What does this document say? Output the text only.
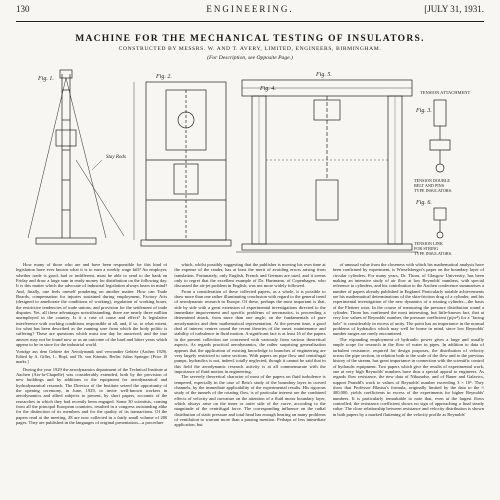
130	ENGINEERING.	[JULY 31, 1931.
MACHINE FOR THE MECHANICAL TESTING OF INSULATORS.
CONSTRUCTED BY MESSRS. W. AND T. AVERY, LIMITED, ENGINEERS, BIRMINGHAM.
(For Description, see Opposite Page.)
Fig. 1.
Stay Rods
Fig. 2.
Fig. 4.
Fig. 5.
TENSION ATTACHMENT
Fig. 3.
TENSION DOUBLE
BELT AND PINS
TYPE INSULATORS.
Fig. 6.
TENSION LINK
FOR STRING
TYPE INSULATORS.

How many of those who are and have been responsible for this kind of legislation have ever known what it is to earn a weekly wage bill? An employer, whether trade is good, bad or indifferent, must be able to send to the bank on Friday and draw a large sum in ready money for distribution on the following day. It is this matter which the advocate of industrial legislation always bears in mind? And, finally, one feels oneself pondering on another matter. How can Trade Boards, compensation for injuries sustained during employment, Factory Acts (designed to ameliorate the conditions of working), regulation of working hours, the restrictive tendencies of trade unions, and provision for the settlement of trade disputes. Yet, all these advantages notwithstanding, there are nearly three million unemployed in the country. Is it a case of cause and effect? Is legislative interference with working conditions responsible at all, and, if so, to what extent, for what has been described as the running sore from which the body politic is suffering? These are questions which must one day be answered; and the true answer may not be found now or as an outcome of the hard and bitter years which appear to be in store for the industrial world.

Vorträge aus dem Gebiete der Aerodynamik und verwandter Gebiete (Aachen 1929). Edited by A. Gilles, L. Hopf, and Th. von Kármán. Berlin: Julius Springer. [Price 18 marks.]

During the year 1929 the aerodynamics department of the Technical Institute at Aachen (Aix-la-Chapelle) was considerably extended, both by the provision of new buildings and by additions to the equipment for aerodynamical and hydrodynamical research. The Director of the Institute seized the opportunity of the opening ceremony, in June, 1929, to invite well-known workers in aerodynamics and allied subjects to present, by short papers, accounts of the researches in which they had recently been engaged. Some 30 scientists, coming from all the principal European countries, resulted in a congress outstanding alike for the distinction of its members and for the quality of its transactions. Of the papers read at the meeting, 28 are now collected in a fairly small volume of 200 pages. They are published in the languages of original presentation—a procedure

which, whilst possibly suggesting that the publisher is moving his own time at the expense of the reader, has at least the merit of avoiding errors arising from translation. Fortunately, only English, French and German are used, and it seems only to regret that the excellent example of Dr. Hartmann, of Copenhagen, who discussed the air-jet problem in English, was not more widely followed.

From a consideration of these collected papers, as a whole, it is possible to draw more than one rather illuminating conclusion with regard to the general trend of aerodynamic research in Europe. Of these, perhaps the most important is that, side by side with a great extension of experimental investigations directed to the immediate improvement and specific problems of aeronautics, is proceeding a determined attack, from more than one angle, on the fundamentals of pure aerodynamics and their mathematical representation. At the present time, a good deal of interest centres round the recent theories of the onset, maintenance and stability of turbulence in fluid motion. A significant fact is at least 16 of the papers in the present collection are concerned with variously from various theoretical aspects. As regards practical aerodynamics, the rather surprising generalisation appears that the application of existing knowledge to branches of engineering are very largely restricted to some sections. With papers on pipe flow and centrifugal pumps, hydraulics is not, indeed, totally neglected, though it cannot be said that in this field the aerodynamic research activity is at all commensurate with the importance of fluid motion in engineering.

The severely theoretical character of most of the papers on fluid turbulence is tempered, especially in the case of Betz's study of the boundary layer in curved channels, by the immediate applicability of the experimental results. His rigorous study of the tunnels of the rotating flow, is of particular interest are the combined effects of velocity and curvature on the attention of a fluid motor boundary layer, which always arise on the inner or outer side of the curve, according to the magnitude of the centrifugal force. The corresponding influence on the radial distribution of static pressure and total head has enough bearing on many problems of ventilation to warrant more than a passing mention. Perhaps of less immediate application, but

of unusual value from the closeness with which his mathematical analysis have been confirmed by experiment, is Wieselsberger's paper on the boundary layer of circular cylinders. For many years, Dr. Thom, of Glasgow University, has been making an intensive study of air flow at low Reynolds' numbers, with special reference to cylinders, and his contribution to the Aachen conference summarises a number of papers already published in England. Particularly notable achievements are his mathematical determinations of the skin-friction drag of a cylinder, and his experimental investigation of the new dynamics of a rotating cylinder—the basis of the Flettner rotor. In the course of measuring the pressure distribution round a cylinder, Thom has confirmed the most interesting, but little-known fact, that at very low values of Reynolds' number, the pressure coefficient (p/ρv²) for a "facing hole" is considerably in excess of unity. The point has an importance in the normal problems of hydraulics which may well be borne in mind, since low Reynolds' number ranges are rarely encountered.

The expanding employment of hydraulic power gives a large and usually ample scope for research in the flow of water in pipes. In addition to data of turbulent resistance, required for design purposes, the distribution of velocity across the pipe section, in relation both to the scale of the flow and to the previous history of the stream, has great importance in connection with the scientific control of hydraulic equipment. Two papers which give the results of experimental work, one at very high Reynolds' numbers have thus a special appeal to engineers. As regards flow resistance, the new data of Nikuradse, and of Bauer and Galavics, support Prandtl's work to values of Reynolds' number exceeding 3 × 10⁶. They show that Professor Blasius's formula, originally limited by the data to the ≈ 400,000, yields coefficients in excess of the experiments for higher Reynolds' numbers. It is particularly remarkable to note that, even at the largest flows controlled, the resistance coefficient shows no sign of approaching a final steady value. The close relationship between resistance and velocity distribution is shown in both papers by a marked flattening of the velocity profile as Reynolds'
